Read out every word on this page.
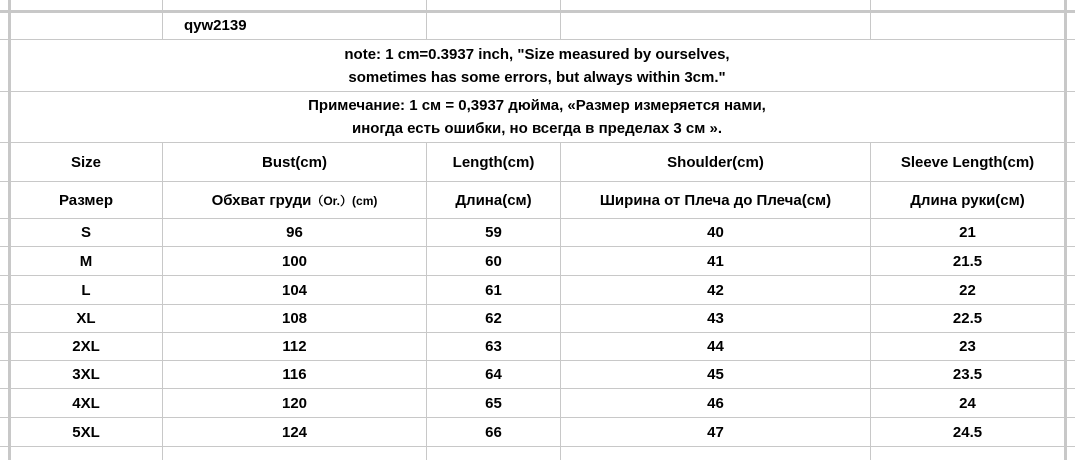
qyw2139
note: 1 cm=0.3937 inch, "Size measured by ourselves,
sometimes has some errors, but always within 3cm."
Примечание: 1 см = 0,3937 дюйма, «Размер измеряется нами,
иногда есть ошибки, но всегда в пределах 3 см ».
Size	Bust(cm)	Length(cm)	Shoulder(cm)	Sleeve Length(cm)
Размер	Обхват груди （Or.）(cm)	Длина(см)	Ширина от Плеча до Плеча(см)	Длина руки(см)
S	96	59	40	21
M	100	60	41	21.5
L	104	61	42	22
XL	108	62	43	22.5
2XL	112	63	44	23
3XL	116	64	45	23.5
4XL	120	65	46	24
5XL	124	66	47	24.5
